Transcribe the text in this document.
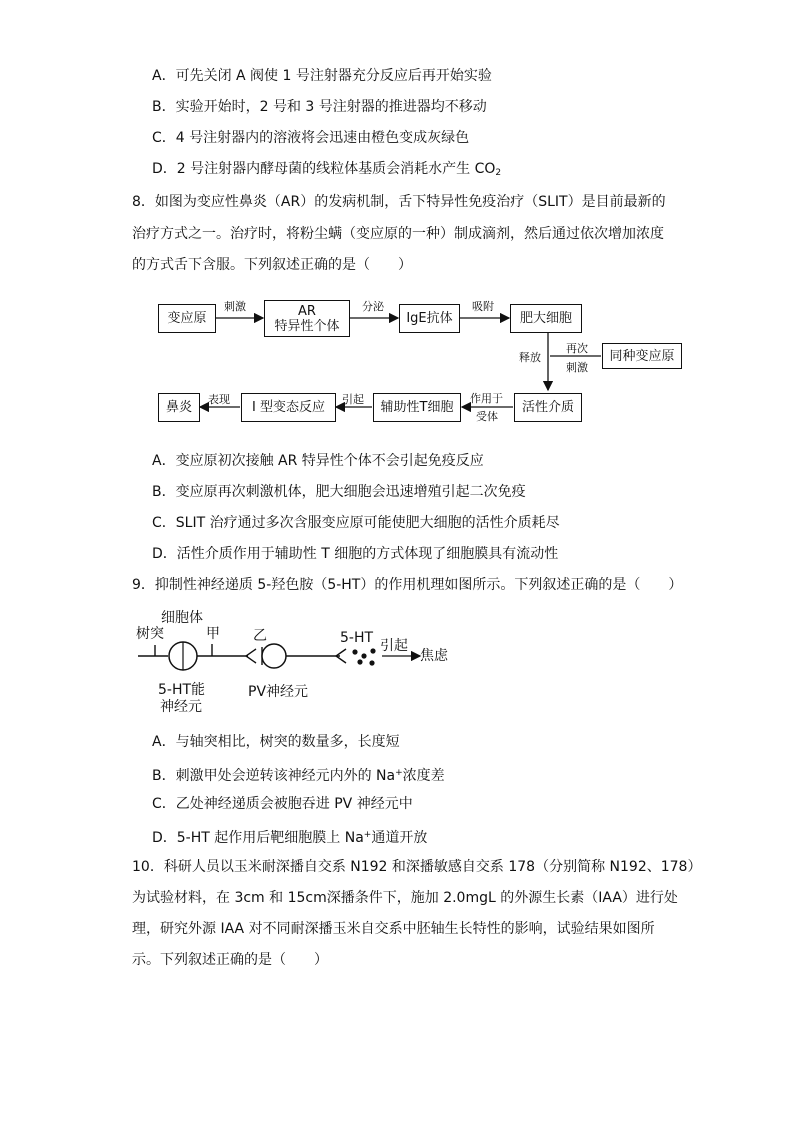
A．可先关闭 A 阀使 1 号注射器充分反应后再开始实验
B．实验开始时，2 号和 3 号注射器的推进器均不移动
C．4 号注射器内的溶液将会迅速由橙色变成灰绿色
D．2 号注射器内酵母菌的线粒体基质会消耗水产生 $CO_2$
8．如图为变应性鼻炎（AR）的发病机制，舌下特异性免疫治疗（SLIT）是目前最新的
治疗方式之一。治疗时，将粉尘螨（变应原的一种）制成滴剂，然后通过依次增加浓度
的方式舌下含服。下列叙述正确的是（　　）
变应原	AR
特异性个体	IgE抗体	肥大细胞
同种变应原
活性介质
辅助性T细胞
Ⅰ 型变态反应
鼻炎
刺激	分泌	吸附
释放
再次
刺激
作用于
受体
引起
表现
A．变应原初次接触 AR 特异性个体不会引起免疫反应
B．变应原再次刺激机体，肥大细胞会迅速增殖引起二次免疫
C．SLIT 治疗通过多次含服变应原可能使肥大细胞的活性介质耗尽
D．活性介质作用于辅助性 T 细胞的方式体现了细胞膜具有流动性
9．抑制性神经递质 5-羟色胺（5-HT）的作用机理如图所示。下列叙述正确的是（　　）
细胞体
树突	甲 乙
5-HT能
神经元
PV神经元
5-HT 引起
焦虑
A．与轴突相比，树突的数量多，长度短
B．刺激甲处会逆转该神经元内外的 Na+浓度差
C．乙处神经递质会被胞吞进 PV 神经元中
D．5-HT 起作用后靶细胞膜上 Na+通道开放
10．科研人员以玉米耐深播自交系 N192 和深播敏感自交系 178（分别简称 N192、178）
为试验材料，在 3cm 和 15cm深播条件下，施加 2.0mgL 的外源生长素（IAA）进行处
理，研究外源 IAA 对不同耐深播玉米自交系中胚轴生长特性的影响，试验结果如图所
示。下列叙述正确的是（　　）
